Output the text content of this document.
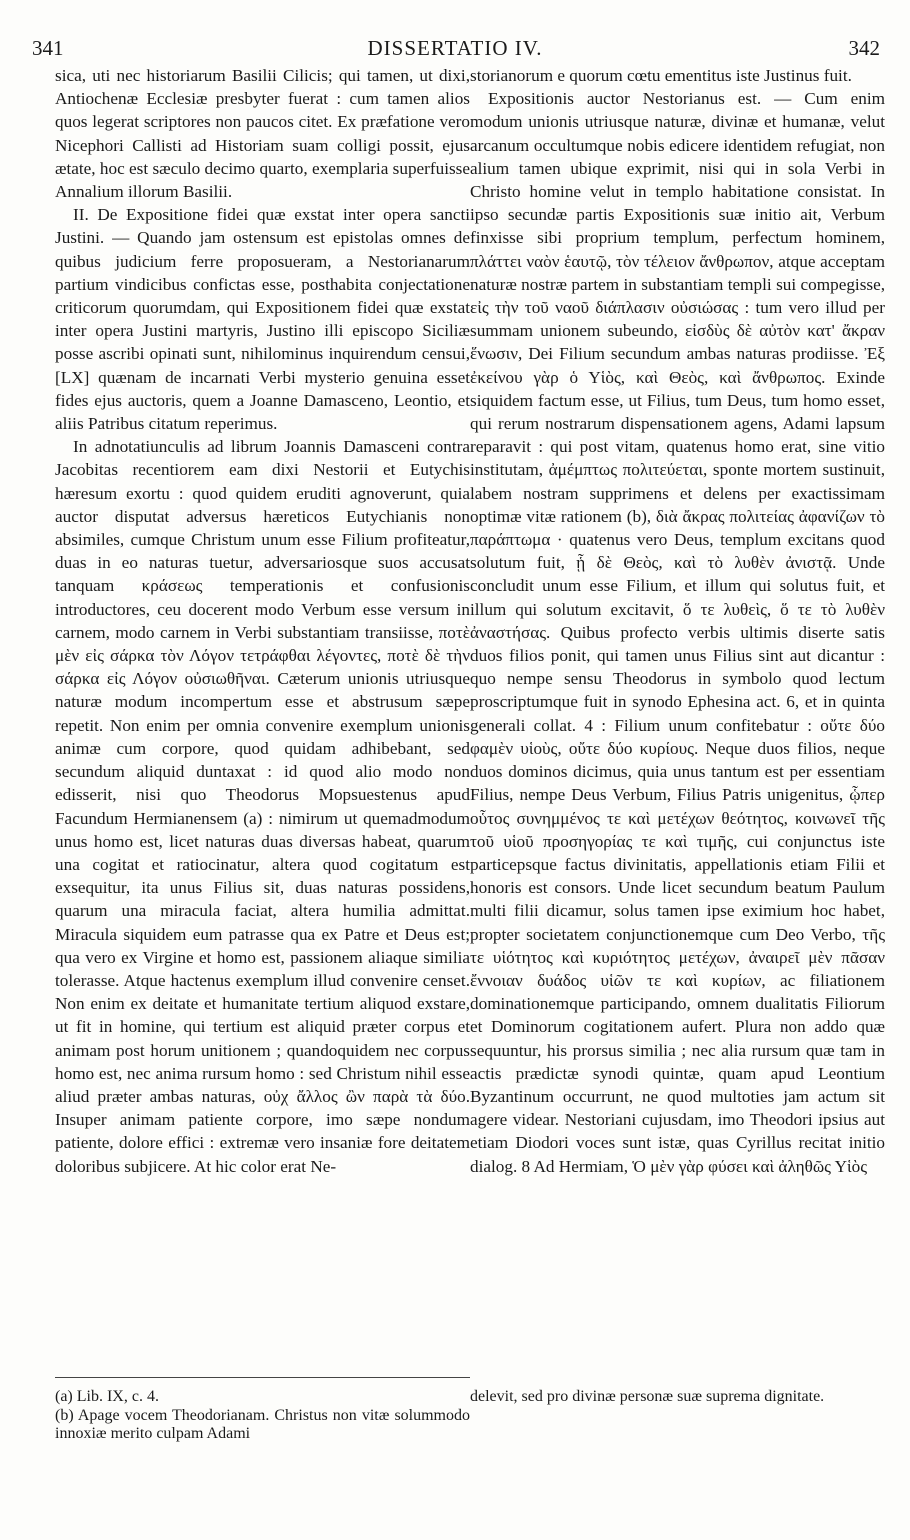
341	DISSERTATIO IV.	342

sica, uti nec historiarum Basilii Cilicis; qui tamen, ut dixi, Antiochenæ Ecclesiæ presbyter fuerat : cum tamen alios quos legerat scriptores non paucos citet. Ex præfatione vero Nicephori Callisti ad Historiam suam colligi possit, ejus ætate, hoc est sæculo decimo quarto, exemplaria superfuisse Annalium illorum Basilii.

II. De Expositione fidei quæ exstat inter opera sancti Justini. — Quando jam ostensum est epistolas omnes de quibus judicium ferre proposueram, a Nestorianarum partium vindicibus confictas esse, posthabita conjectatione criticorum quorumdam, qui Expositionem fidei quæ exstat inter opera Justini martyris, Justino illi episcopo Siciliæ posse ascribi opinati sunt, nihilominus inquirendum censui, [LX] quænam de incarnati Verbi mysterio genuina esset fides ejus auctoris, quem a Joanne Damasceno, Leontio, et aliis Patribus citatum reperimus.

In adnotatiunculis ad librum Joannis Damasceni contra Jacobitas recentiorem eam dixi Nestorii et Eutychis hæresum exortu : quod quidem eruditi agnoverunt, quia auctor disputat adversus hæreticos Eutychianis non absimiles, cumque Christum unum esse Filium profiteatur, duas in eo naturas tuetur, adversariosque suos accusat tanquam κράσεως temperationis et confusionis introductores, ceu docerent modo Verbum esse versum in carnem, modo carnem in Verbi substantiam transiisse, ποτὲ μὲν εἰς σάρκα τὸν Λόγον τετράφθαι λέγοντες, ποτὲ δὲ τὴν σάρκα εἰς Λόγον οὐσιωθῆναι. Cæterum unionis utriusque naturæ modum incompertum esse et abstrusum sæpe repetit. Non enim per omnia convenire exemplum unionis animæ cum corpore, quod quidam adhibebant, sed secundum aliquid duntaxat : id quod alio modo non edisserit, nisi quo Theodorus Mopsuestenus apud Facundum Hermianensem (a) : nimirum ut quemadmodum unus homo est, licet naturas duas diversas habeat, quarum una cogitat et ratiocinatur, altera quod cogitatum est exsequitur, ita unus Filius sit, duas naturas possidens, quarum una miracula faciat, altera humilia admittat. Miracula siquidem eum patrasse qua ex Patre et Deus est; qua vero ex Virgine et homo est, passionem aliaque similia tolerasse. Atque hactenus exemplum illud convenire censet. Non enim ex deitate et humanitate tertium aliquod exstare, ut fit in homine, qui tertium est aliquid præter corpus et animam post horum unitionem ; quandoquidem nec corpus homo est, nec anima rursum homo : sed Christum nihil esse aliud præter ambas naturas, οὐχ ἄλλος ὢν παρὰ τὰ δύο. Insuper animam patiente corpore, imo sæpe nondum patiente, dolore effici : extremæ vero insaniæ fore deitatem doloribus subjicere. At hic color erat Ne-

storianorum e quorum cœtu ementitus iste Justinus fuit.

Expositionis auctor Nestorianus est. — Cum enim modum unionis utriusque naturæ, divinæ et humanæ, velut arcanum occultumque nobis edicere identidem refugiat, non alium tamen ubique exprimit, nisi qui in sola Verbi in Christo homine velut in templo habitatione consistat. In ipso secundæ partis Expositionis suæ initio ait, Verbum finxisse sibi proprium templum, perfectum hominem, πλάττει ναὸν ἑαυτῷ, τὸν τέλειον ἄνθρωπον, atque acceptam naturæ nostræ partem in substantiam templi sui compegisse, εἰς τὴν τοῦ ναοῦ διάπλασιν οὐσιώσας : tum vero illud per summam unionem subeundo, εἰσδὺς δὲ αὐτὸν κατ' ἄκραν ἕνωσιν, Dei Filium secundum ambas naturas prodiisse. Ἐξ ἐκείνου γὰρ ὁ Υἱὸς, καὶ Θεὸς, καὶ ἄνθρωπος. Exinde siquidem factum esse, ut Filius, tum Deus, tum homo esset, qui rerum nostrarum dispensationem agens, Adami lapsum reparavit : qui post vitam, quatenus homo erat, sine vitio institutam, ἀμέμπτως πολιτεύεται, sponte mortem sustinuit, labem nostram supprimens et delens per exactissimam optimæ vitæ rationem (b), διὰ ἄκρας πολιτείας ἀφανίζων τὸ παράπτωμα · quatenus vero Deus, templum excitans quod solutum fuit, ᾗ δὲ Θεὸς, καὶ τὸ λυθὲν ἀνιστᾷ. Unde concludit unum esse Filium, et illum qui solutus fuit, et illum qui solutum excitavit, ὅ τε λυθεὶς, ὅ τε τὸ λυθὲν ἀναστήσας. Quibus profecto verbis ultimis diserte satis duos filios ponit, qui tamen unus Filius sint aut dicantur : quo nempe sensu Theodorus in symbolo quod lectum proscriptumque fuit in synodo Ephesina act. 6, et in quinta generali collat. 4 : Filium unum confitebatur : οὔτε δύο φαμὲν υἱοὺς, οὔτε δύο κυρίους. Neque duos filios, neque duos dominos dicimus, quia unus tantum est per essentiam Filius, nempe Deus Verbum, Filius Patris unigenitus, ᾧπερ οὗτος συνημμένος τε καὶ μετέχων θεότητος, κοινωνεῖ τῆς τοῦ υἱοῦ προσηγορίας τε καὶ τιμῆς, cui conjunctus iste particepsque factus divinitatis, appellationis etiam Filii et honoris est consors. Unde licet secundum beatum Paulum multi filii dicamur, solus tamen ipse eximium hoc habet, propter societatem conjunctionemque cum Deo Verbo, τῆς τε υἱότητος καὶ κυριότητος μετέχων, ἀναιρεῖ μὲν πᾶσαν ἔννοιαν δυάδος υἱῶν τε καὶ κυρίων, ac filiationem dominationemque participando, omnem dualitatis Filiorum et Dominorum cogitationem aufert. Plura non addo quæ sequuntur, his prorsus similia ; nec alia rursum quæ tam in actis prædictæ synodi quintæ, quam apud Leontium Byzantinum occurrunt, ne quod multoties jam actum sit agere videar. Nestoriani cujusdam, imo Theodori ipsius aut etiam Diodori voces sunt istæ, quas Cyrillus recitat initio dialog. 8 Ad Hermiam, Ὁ μὲν γὰρ φύσει καὶ ἀληθῶς Υἱὸς

(a) Lib. IX, c. 4.

(b) Apage vocem Theodorianam. Christus non vitæ solummodo innoxiæ merito culpam Adami

delevit, sed pro divinæ personæ suæ suprema dignitate.
